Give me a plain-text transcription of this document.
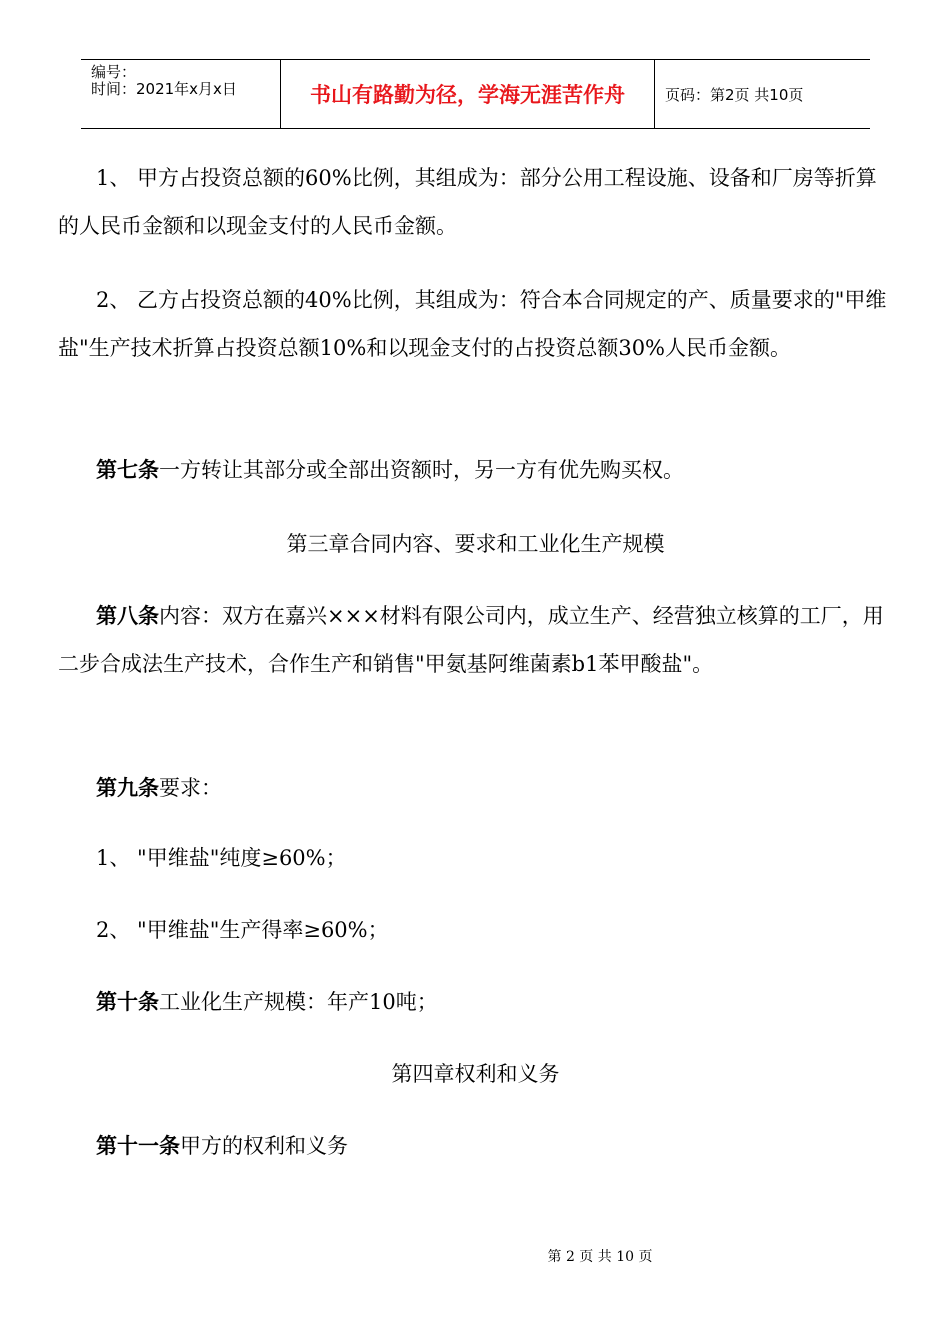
编号：
时间：2021年x月x日	书山有路勤为径，学海无涯苦作舟	页码：第2页 共10页

1、 甲方占投资总额的60%比例，其组成为：部分公用工程设施、设备和厂房等折算的人民币金额和以现金支付的人民币金额。

2、 乙方占投资总额的40%比例，其组成为：符合本合同规定的产、质量要求的"甲维盐"生产技术折算占投资总额10%和以现金支付的占投资总额30%人民币金额。

第七条一方转让其部分或全部出资额时，另一方有优先购买权。

第三章合同内容、要求和工业化生产规模

第八条内容：双方在嘉兴×××材料有限公司内，成立生产、经营独立核算的工厂，用二步合成法生产技术，合作生产和销售"甲氨基阿维菌素b1苯甲酸盐"。

第九条要求：

1、 "甲维盐"纯度≥60%；

2、 "甲维盐"生产得率≥60%；

第十条工业化生产规模：年产10吨；

第四章权利和义务

第十一条甲方的权利和义务

第 2 页 共 10 页
